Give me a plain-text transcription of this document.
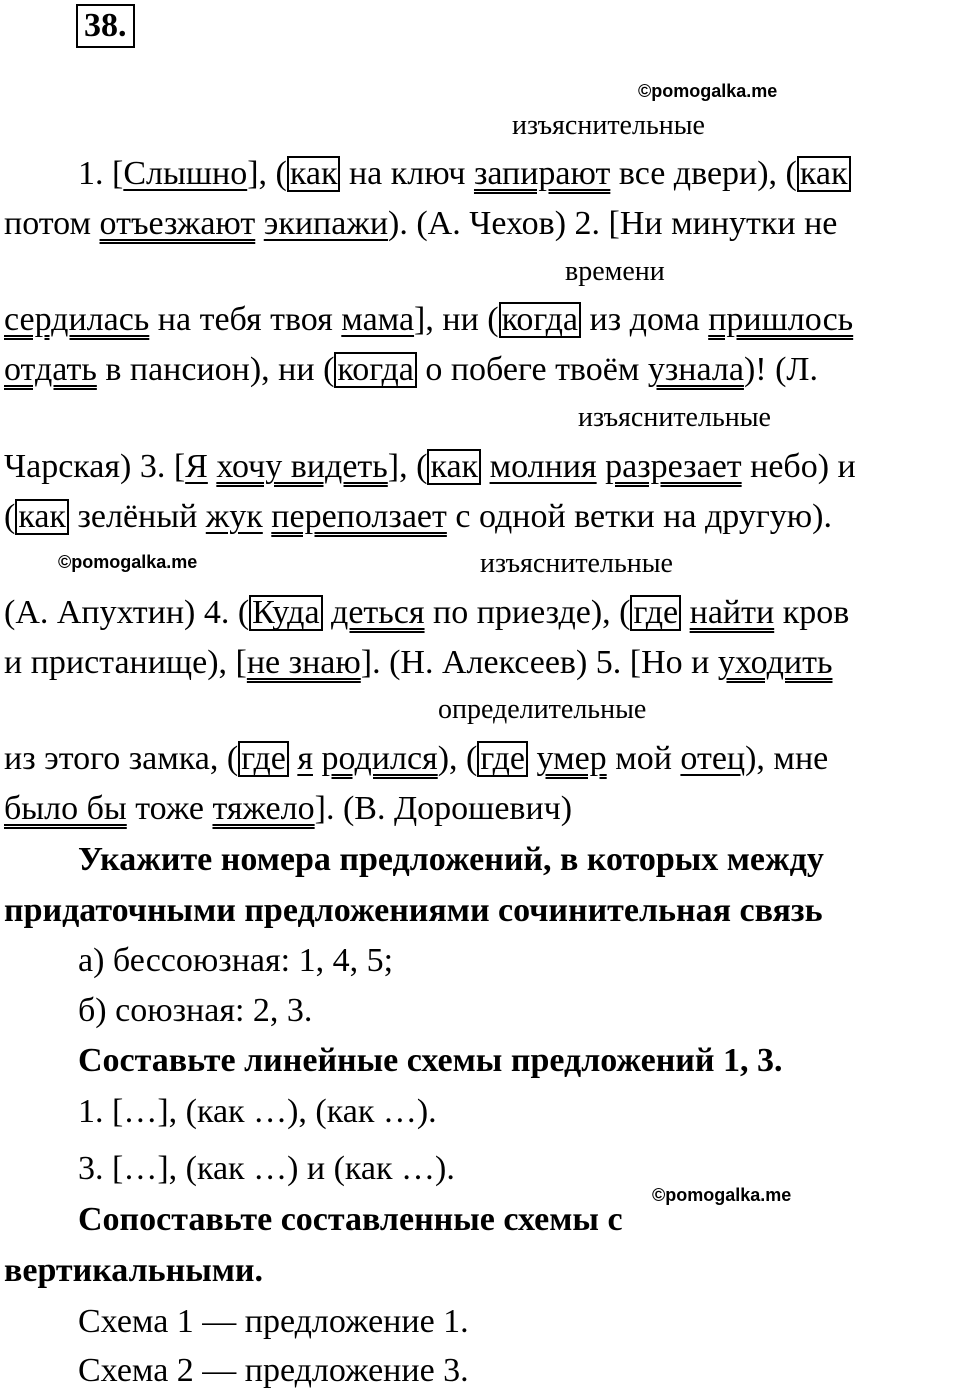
38.
©pomogalka.me
©pomogalka.me
©pomogalka.me
изъяснительные
времени
изъяснительные
изъяснительные
определительные
1. [Слышно], (как на ключ запирают все двери), (как
потом отъезжают экипажи). (А. Чехов) 2. [Ни минутки не
сердилась на тебя твоя мама], ни (когда из дома пришлось
отдать в пансион), ни (когда о побеге твоём узнала)! (Л.
Чарская) 3. [Я хочу видеть], (как молния разрезает небо) и
(как зелёный жук переползает с одной ветки на другую).
(А. Апухтин) 4. (Куда деться по приезде), (где найти кров
и пристанище), [не знаю]. (Н. Алексеев) 5. [Но и уходить
из этого замка, (где я родился), (где умер мой отец), мне
было бы тоже тяжело]. (В. Дорошевич)
Укажите номера предложений, в которых между
придаточными предложениями сочинительная связь
а) бессоюзная: 1, 4, 5;
б) союзная: 2, 3.
Составьте линейные схемы предложений 1, 3.
1. […], (как …), (как …).
3. […], (как …) и (как …).
Сопоставьте составленные схемы с
вертикальными.
Схема 1 — предложение 1.
Схема 2 — предложение 3.
